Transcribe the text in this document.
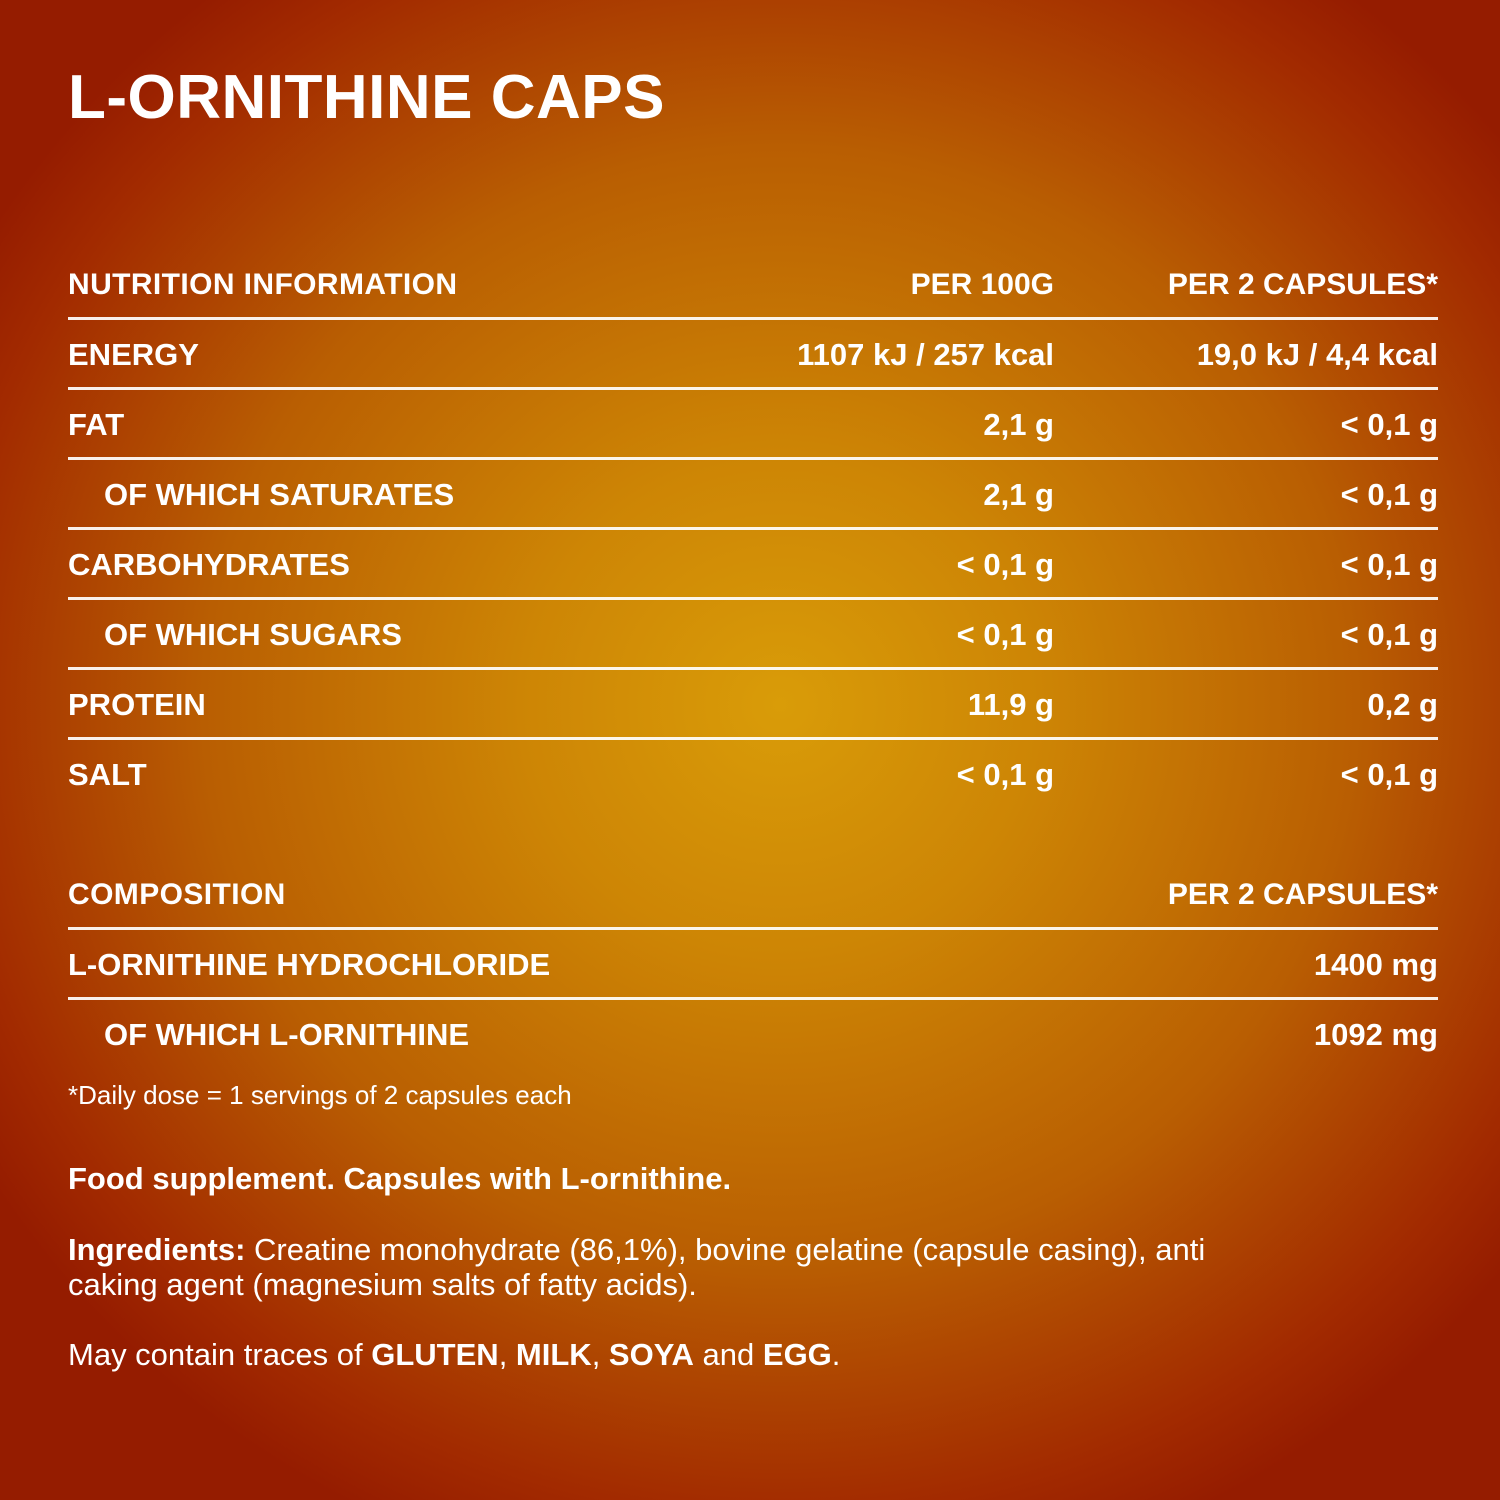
L-ORNITHINE CAPS
NUTRITION INFORMATION	PER 100G	PER 2 CAPSULES*
ENERGY	1107 kJ / 257 kcal	19,0 kJ / 4,4 kcal
FAT	2,1 g	< 0,1 g
OF WHICH SATURATES	2,1 g	< 0,1 g
CARBOHYDRATES	< 0,1 g	< 0,1 g
OF WHICH SUGARS	< 0,1 g	< 0,1 g
PROTEIN	11,9 g	0,2 g
SALT	< 0,1 g	< 0,1 g
COMPOSITION	PER 2 CAPSULES*
L-ORNITHINE HYDROCHLORIDE	1400 mg
OF WHICH L-ORNITHINE	1092 mg

*Daily dose = 1 servings of 2 capsules each

Food supplement. Capsules with L-ornithine.

Ingredients: Creatine monohydrate (86,1%), bovine gelatine (capsule casing), anti caking agent (magnesium salts of fatty acids).

May contain traces of GLUTEN, MILK, SOYA and EGG.
